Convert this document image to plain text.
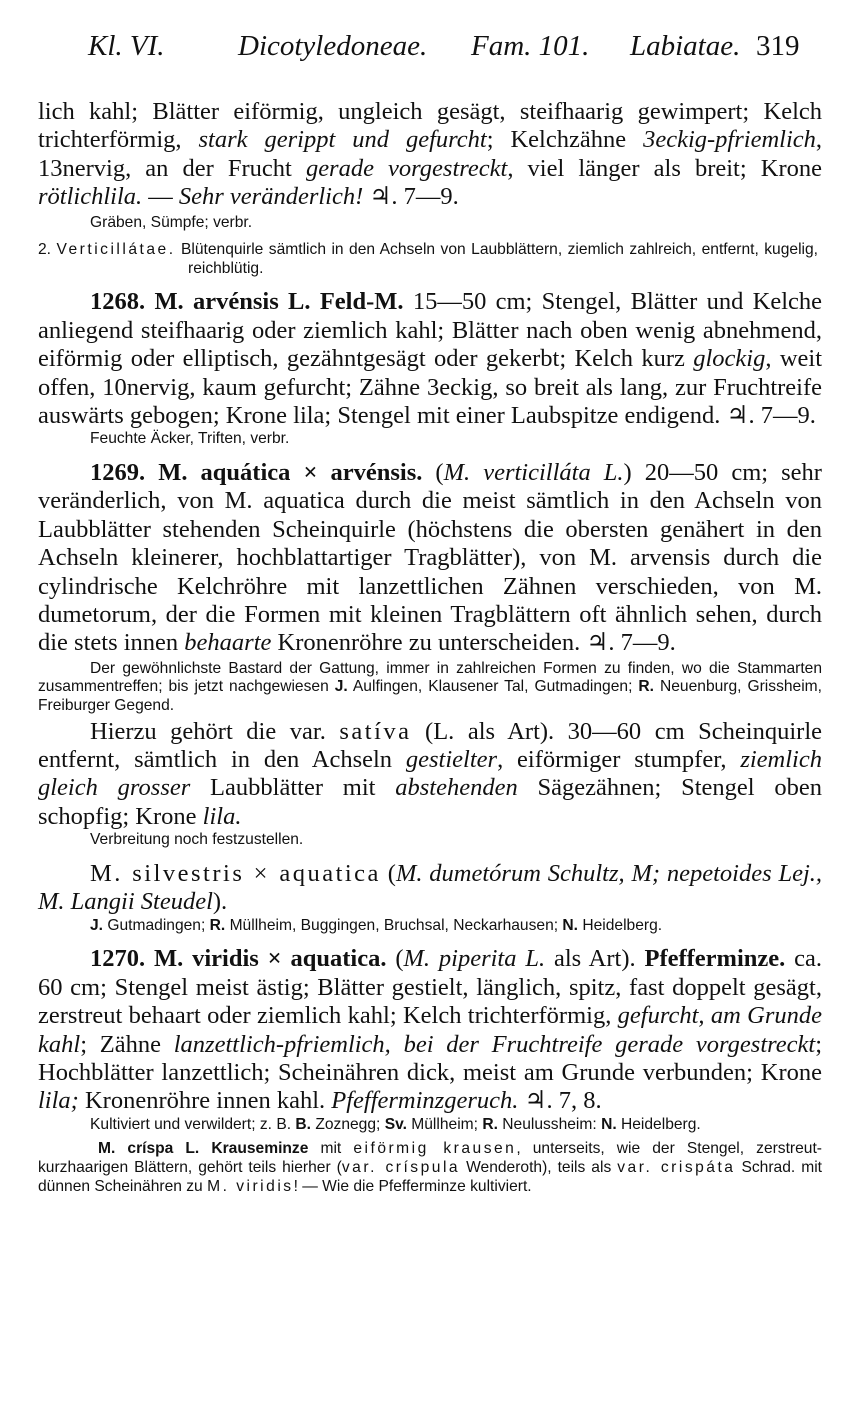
Kl. VI.	Dicotyledoneae. Fam. 101. Labiatae. 319

lich kahl; Blätter eiförmig, ungleich gesägt, steifhaarig gewimpert; Kelch trichterförmig, stark gerippt und gefurcht; Kelchzähne 3eckig-pfriemlich, 13nervig, an der Frucht gerade vorgestreckt, viel länger als breit; Krone rötlichlila. — Sehr veränderlich! ♃. 7—9.

Gräben, Sümpfe; verbr.

2. Verticillátae. Blütenquirle sämtlich in den Achseln von Laubblättern, ziemlich zahlreich, entfernt, kugelig, reichblütig.

1268. M. arvénsis L. Feld-M. 15—50 cm; Stengel, Blätter und Kelche anliegend steifhaarig oder ziemlich kahl; Blätter nach oben wenig abnehmend, eiförmig oder elliptisch, gezähntgesägt oder gekerbt; Kelch kurz glockig, weit offen, 10nervig, kaum gefurcht; Zähne 3eckig, so breit als lang, zur Fruchtreife auswärts gebogen; Krone lila; Stengel mit einer Laubspitze endigend. ♃. 7—9.

Feuchte Äcker, Triften, verbr.

1269. M. aquática × arvénsis. (M. verticilláta L.) 20—50 cm; sehr veränderlich, von M. aquatica durch die meist sämtlich in den Achseln von Laubblätter stehenden Scheinquirle (höchstens die obersten genähert in den Achseln kleinerer, hochblattartiger Tragblätter), von M. arvensis durch die cylindrische Kelchröhre mit lanzettlichen Zähnen verschieden, von M. dumetorum, der die Formen mit kleinen Tragblättern oft ähnlich sehen, durch die stets innen behaarte Kronenröhre zu unterscheiden. ♃. 7—9.

Der gewöhnlichste Bastard der Gattung, immer in zahlreichen Formen zu finden, wo die Stammarten zusammentreffen; bis jetzt nachgewiesen J. Aulfingen, Klausener Tal, Gutmadingen; R. Neuenburg, Grissheim, Freiburger Gegend.

Hierzu gehört die var. satíva (L. als Art). 30—60 cm Scheinquirle entfernt, sämtlich in den Achseln gestielter, eiförmiger stumpfer, ziemlich gleich grosser Laubblätter mit abstehenden Sägezähnen; Stengel oben schopfig; Krone lila.

Verbreitung noch festzustellen.

M. silvestris × aquatica (M. dumetórum Schultz, M; nepetoides Lej., M. Langii Steudel).

J. Gutmadingen; R. Müllheim, Buggingen, Bruchsal, Neckarhausen; N. Heidelberg.

1270. M. viridis × aquatica. (M. piperita L. als Art). Pfefferminze. ca. 60 cm; Stengel meist ästig; Blätter gestielt, länglich, spitz, fast doppelt gesägt, zerstreut behaart oder ziemlich kahl; Kelch trichterförmig, gefurcht, am Grunde kahl; Zähne lanzettlich-pfriemlich, bei der Fruchtreife gerade vorgestreckt; Hochblätter lanzettlich; Scheinähren dick, meist am Grunde verbunden; Krone lila; Kronenröhre innen kahl. Pfefferminzgeruch. ♃. 7, 8.

Kultiviert und verwildert; z. B. B. Zoznegg; Sv. Müllheim; R. Neulussheim: N. Heidelberg.

M. críspa L. Krauseminze mit eiförmig krausen, unterseits, wie der Stengel, zerstreut-kurzhaarigen Blättern, gehört teils hierher (var. críspula Wenderoth), teils als var. crispáta Schrad. mit dünnen Scheinähren zu M. viridis! — Wie die Pfefferminze kultiviert.
